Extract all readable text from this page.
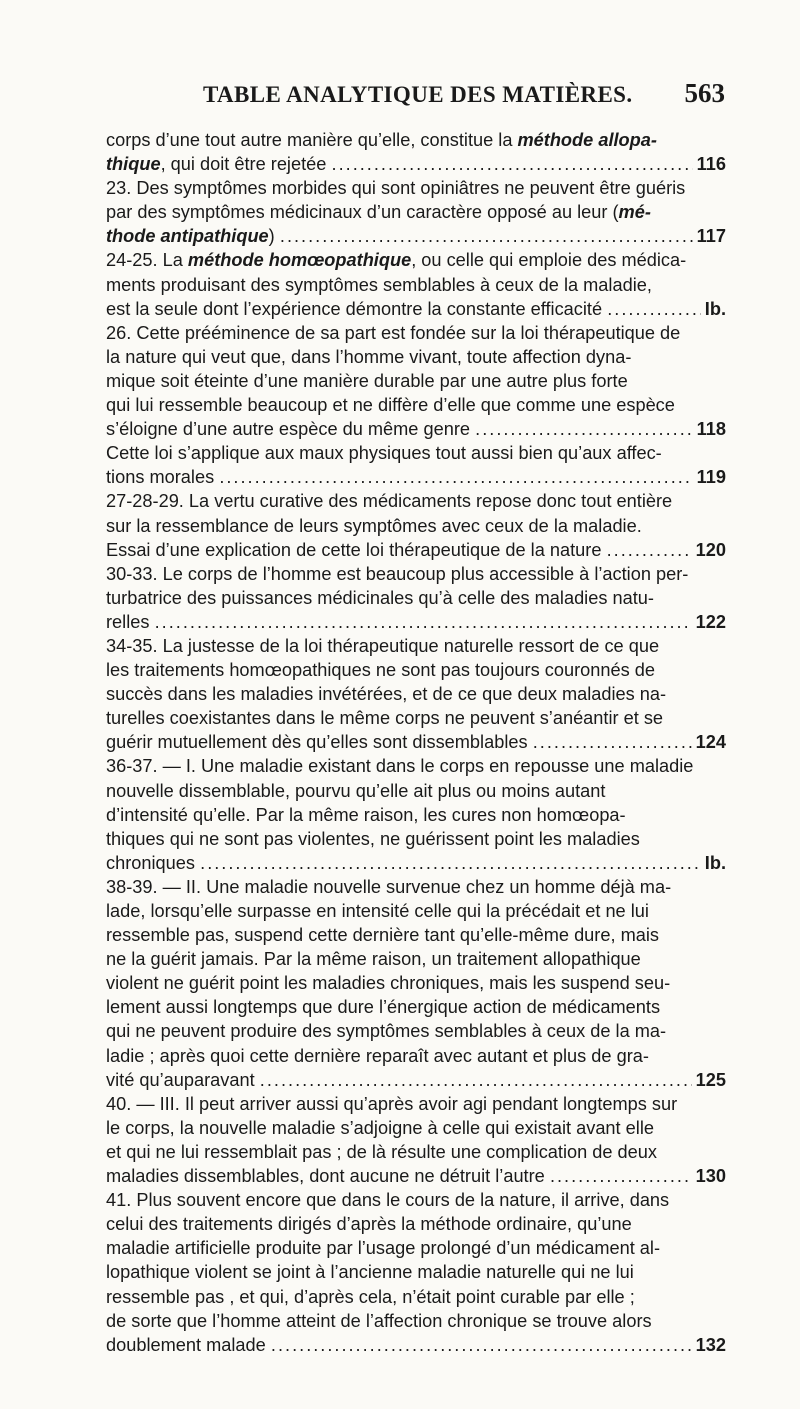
TABLE ANALYTIQUE DES MATIÈRES. 563
corps d’une tout autre manière qu’elle, constitue la méthode allopa-
thique, qui doit être rejetée .....	116
23. Des symptômes morbides qui sont opiniâtres ne peuvent être guéris
par des symptômes médicinaux d’un caractère opposé au leur (mé-
thode antipathique) .....	117
24-25. La méthode homœopathique, ou celle qui emploie des médica-
ments produisant des symptômes semblables à ceux de la maladie,
est la seule dont l’expérience démontre la constante efficacité .....	Ib.
26. Cette prééminence de sa part est fondée sur la loi thérapeutique de
la nature qui veut que, dans l’homme vivant, toute affection dyna-
mique soit éteinte d’une manière durable par une autre plus forte
qui lui ressemble beaucoup et ne diffère d’elle que comme une espèce
s’éloigne d’une autre espèce du même genre .....	118
Cette loi s’applique aux maux physiques tout aussi bien qu’aux affec-
tions morales .....	119
27-28-29. La vertu curative des médicaments repose donc tout entière
sur la ressemblance de leurs symptômes avec ceux de la maladie.
Essai d’une explication de cette loi thérapeutique de la nature .....	120
30-33. Le corps de l’homme est beaucoup plus accessible à l’action per-
turbatrice des puissances médicinales qu’à celle des maladies natu-
relles .....	122
34-35. La justesse de la loi thérapeutique naturelle ressort de ce que
les traitements homœopathiques ne sont pas toujours couronnés de
succès dans les maladies invétérées, et de ce que deux maladies na-
turelles coexistantes dans le même corps ne peuvent s’anéantir et se
guérir mutuellement dès qu’elles sont dissemblables .....	124
36-37. — I. Une maladie existant dans le corps en repousse une maladie
nouvelle dissemblable, pourvu qu’elle ait plus ou moins autant
d’intensité qu’elle. Par la même raison, les cures non homœopa-
thiques qui ne sont pas violentes, ne guérissent point les maladies
chroniques .....	Ib.
38-39. — II. Une maladie nouvelle survenue chez un homme déjà ma-
lade, lorsqu’elle surpasse en intensité celle qui la précédait et ne lui
ressemble pas, suspend cette dernière tant qu’elle-même dure, mais
ne la guérit jamais. Par la même raison, un traitement allopathique
violent ne guérit point les maladies chroniques, mais les suspend seu-
lement aussi longtemps que dure l’énergique action de médicaments
qui ne peuvent produire des symptômes semblables à ceux de la ma-
ladie ; après quoi cette dernière reparaît avec autant et plus de gra-
vité qu’auparavant .....	125
40. — III. Il peut arriver aussi qu’après avoir agi pendant longtemps sur
le corps, la nouvelle maladie s’adjoigne à celle qui existait avant elle
et qui ne lui ressemblait pas ; de là résulte une complication de deux
maladies dissemblables, dont aucune ne détruit l’autre .....	130
41. Plus souvent encore que dans le cours de la nature, il arrive, dans
celui des traitements dirigés d’après la méthode ordinaire, qu’une
maladie artificielle produite par l’usage prolongé d’un médicament al-
lopathique violent se joint à l’ancienne maladie naturelle qui ne lui
ressemble pas , et qui, d’après cela, n’était point curable par elle ;
de sorte que l’homme atteint de l’affection chronique se trouve alors
doublement malade .....	132
